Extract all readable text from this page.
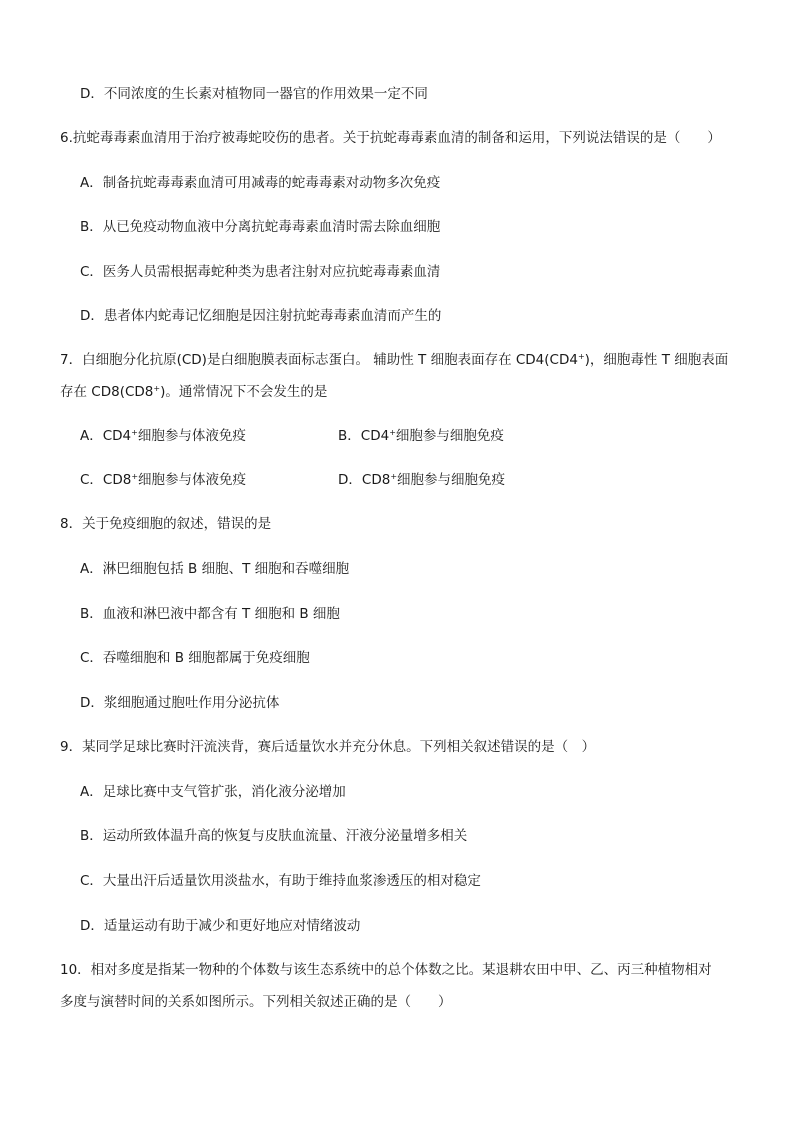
D．不同浓度的生长素对植物同一器官的作用效果一定不同
6.抗蛇毒毒素血清用于治疗被毒蛇咬伤的患者。关于抗蛇毒毒素血清的制备和运用，下列说法错误的是（　　）
A．制备抗蛇毒毒素血清可用减毒的蛇毒毒素对动物多次免疫
B．从已免疫动物血液中分离抗蛇毒毒素血清时需去除血细胞
C．医务人员需根据毒蛇种类为患者注射对应抗蛇毒毒素血清
D．患者体内蛇毒记忆细胞是因注射抗蛇毒毒素血清而产生的
7．白细胞分化抗原(CD)是白细胞膜表面标志蛋白。 辅助性 T 细胞表面存在 CD4(CD4+)，细胞毒性 T 细胞表面
存在 CD8(CD8+)。通常情况下不会发生的是
A．CD4+细胞参与体液免疫	B．CD4+细胞参与细胞免疫
C．CD8+细胞参与体液免疫	D．CD8+细胞参与细胞免疫
8．关于免疫细胞的叙述，错误的是
A．淋巴细胞包括 B 细胞、T 细胞和吞噬细胞
B．血液和淋巴液中都含有 T 细胞和 B 细胞
C．吞噬细胞和 B 细胞都属于免疫细胞
D．浆细胞通过胞吐作用分泌抗体
9．某同学足球比赛时汗流浃背，赛后适量饮水并充分休息。下列相关叙述错误的是（　）
A．足球比赛中支气管扩张，消化液分泌增加
B．运动所致体温升高的恢复与皮肤血流量、汗液分泌量增多相关
C．大量出汗后适量饮用淡盐水，有助于维持血浆渗透压的相对稳定
D．适量运动有助于减少和更好地应对情绪波动
10．相对多度是指某一物种的个体数与该生态系统中的总个体数之比。某退耕农田中甲、乙、丙三种植物相对
多度与演替时间的关系如图所示。下列相关叙述正确的是（　　）
